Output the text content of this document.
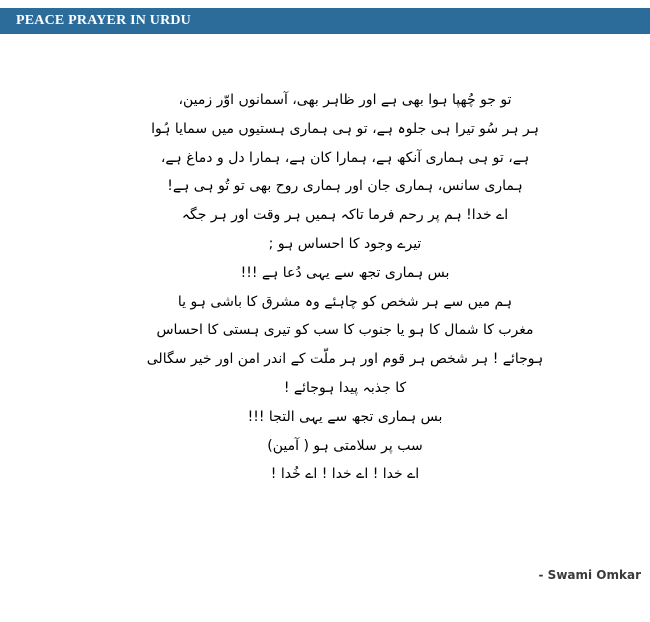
PEACE PRAYER IN URDU
تو جو چُھپا ہوا بھی ہے اور ظاہر بھی، آسمانوں اوّر زمین،
ہر ہر سُو تیرا ہی جلوہ ہے، تو ہی ہماری ہستیوں میں سمایا ہُوا
ہے، تو ہی ہماری آنکھ ہے، ہمارا کان ہے، ہمارا دل و دماغ ہے،
ہماری سانس، ہماری جان اور ہماری روح بھی تو تُو ہی ہے!
اے خدا! ہم پر رحم فرما تاکہ ہمیں ہر وقت اور ہر جگہ
تیرے وجود کا احساس ہو ;
بس ہماری تجھ سے یہی دُعا ہے !!!
ہم میں سے ہر شخص کو چاہئے وہ مشرق کا باشی ہو یا
مغرب کا شمال کا ہو یا جنوب کا سب کو تیری ہستی کا احساس
ہوجائے ! ہر شخص ہر قوم اور ہر ملّت کے اندر امن اور خیر سگالی
کا جذبہ پیدا ہوجائے !
بس ہماری تجھ سے یہی التجا !!!
سب پر سلامتی ہو ( آمین)
اے خدا ! اے خدا ! اے خُدا !
- Swami Omkar
